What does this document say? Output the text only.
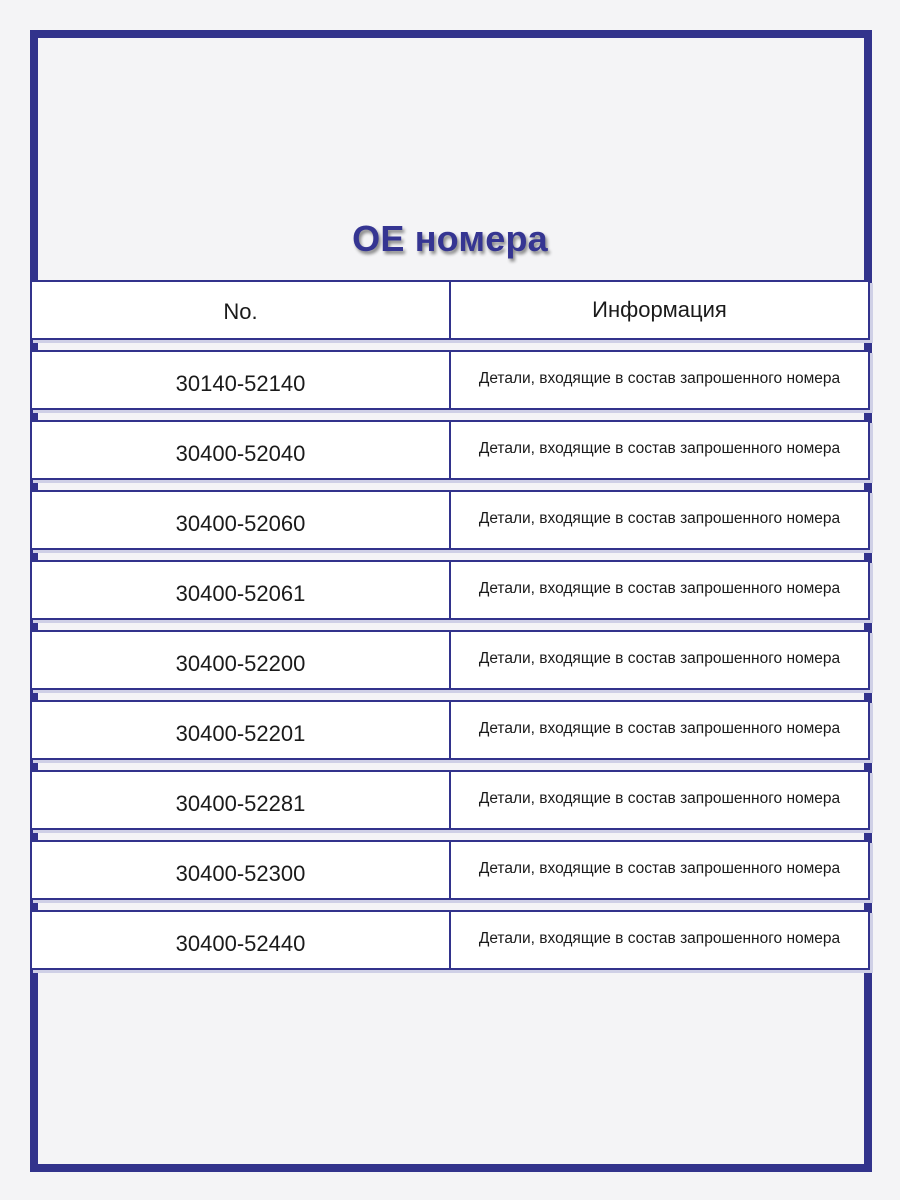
OE номера
No.	Информация
30140-52140	Детали, входящие в состав запрошенного номера
30400-52040	Детали, входящие в состав запрошенного номера
30400-52060	Детали, входящие в состав запрошенного номера
30400-52061	Детали, входящие в состав запрошенного номера
30400-52200	Детали, входящие в состав запрошенного номера
30400-52201	Детали, входящие в состав запрошенного номера
30400-52281	Детали, входящие в состав запрошенного номера
30400-52300	Детали, входящие в состав запрошенного номера
30400-52440	Детали, входящие в состав запрошенного номера
